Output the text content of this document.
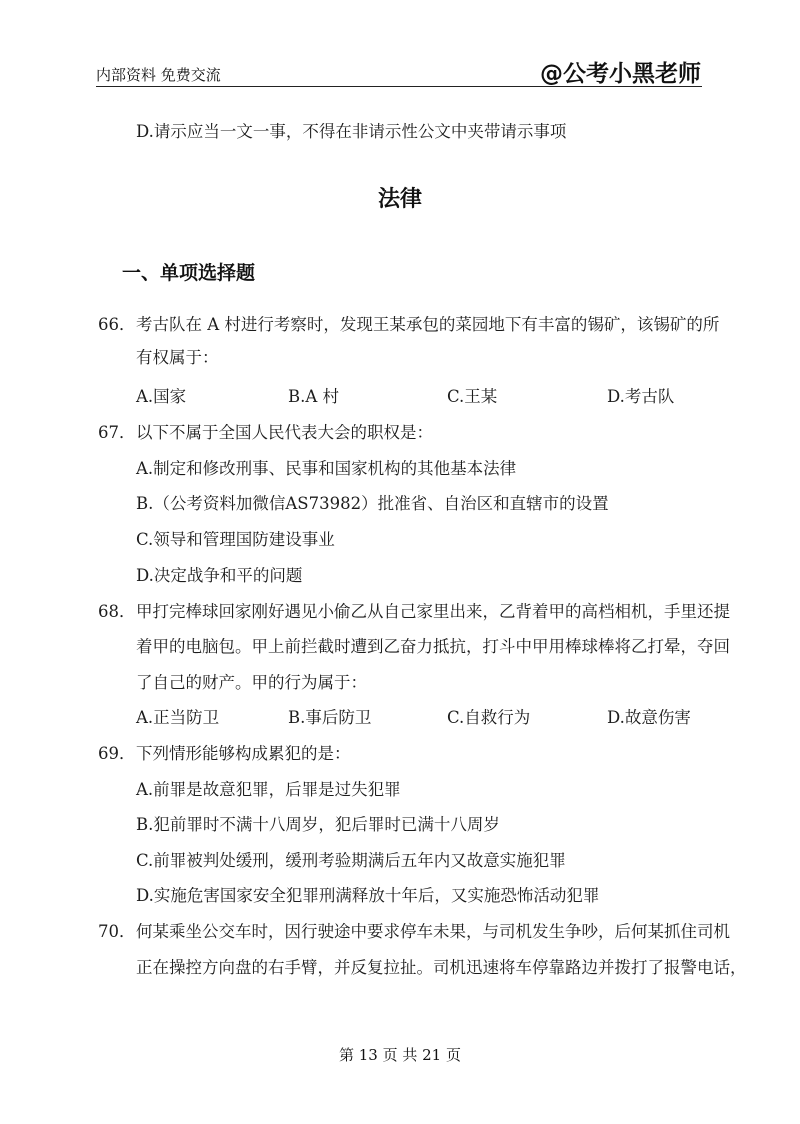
内部资料 免费交流	@公考小黑老师
D.请示应当一文一事，不得在非请示性公文中夹带请示事项
法律
一、单项选择题
66． 考古队在 A 村进行考察时，发现王某承包的菜园地下有丰富的锡矿，该锡矿的所
有权属于：
A.国家	B.A 村	C.王某	D.考古队
67． 以下不属于全国人民代表大会的职权是：
A.制定和修改刑事、民事和国家机构的其他基本法律
B.（公考资料加微信AS73982）批准省、自治区和直辖市的设置
C.领导和管理国防建设事业
D.决定战争和平的问题
68． 甲打完棒球回家刚好遇见小偷乙从自己家里出来，乙背着甲的高档相机，手里还提
着甲的电脑包。甲上前拦截时遭到乙奋力抵抗，打斗中甲用棒球棒将乙打晕，夺回
了自己的财产。甲的行为属于：
A.正当防卫	B.事后防卫	C.自救行为	D.故意伤害
69． 下列情形能够构成累犯的是：
A.前罪是故意犯罪，后罪是过失犯罪
B.犯前罪时不满十八周岁，犯后罪时已满十八周岁
C.前罪被判处缓刑，缓刑考验期满后五年内又故意实施犯罪
D.实施危害国家安全犯罪刑满释放十年后，又实施恐怖活动犯罪
70． 何某乘坐公交车时，因行驶途中要求停车未果，与司机发生争吵，后何某抓住司机
正在操控方向盘的右手臂，并反复拉扯。司机迅速将车停靠路边并拨打了报警电话，
第 13 页 共 21 页
